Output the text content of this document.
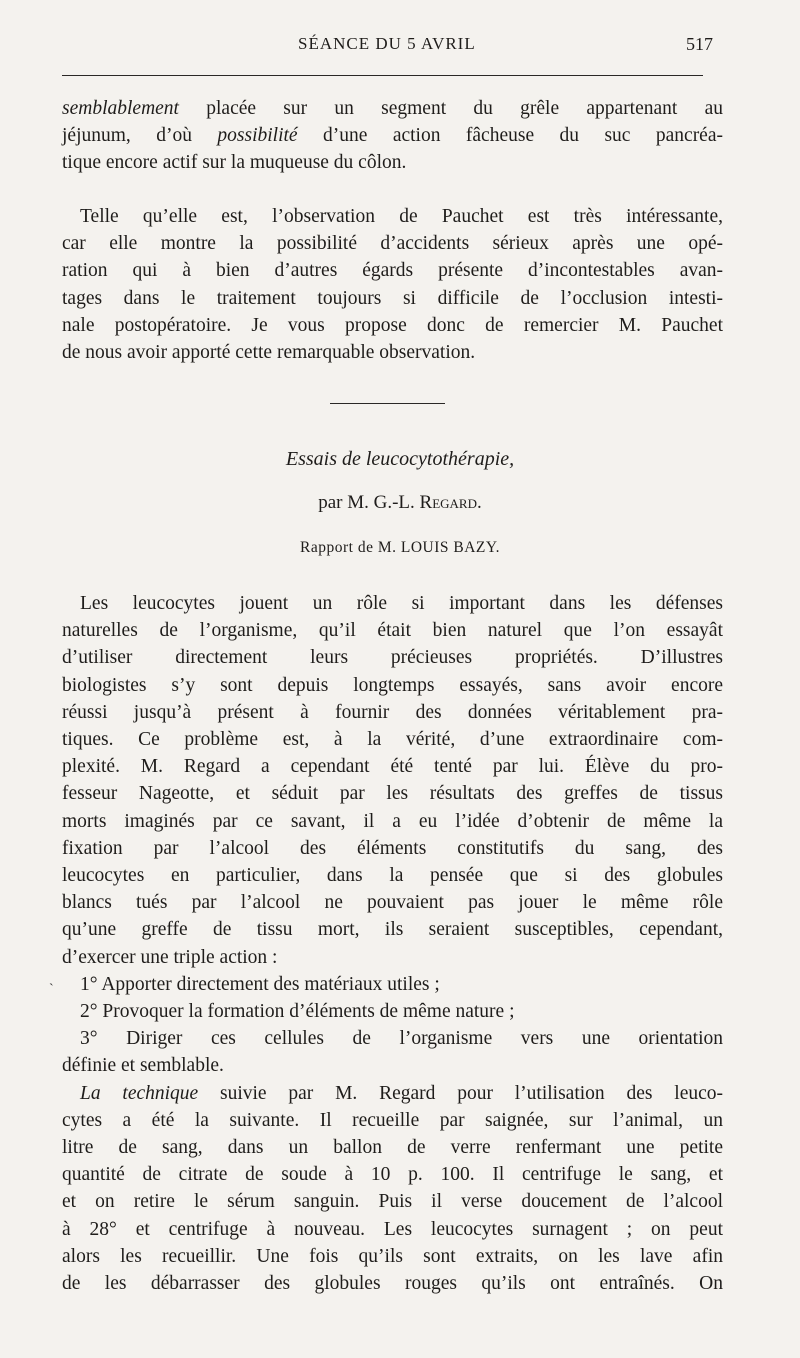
SÉANCE DU 5 AVRIL	517
semblablement placée sur un segment du grêle appartenant au
jéjunum, d’où possibilité d’une action fâcheuse du suc pancréa-
tique encore actif sur la muqueuse du côlon.
Telle qu’elle est, l’observation de Pauchet est très intéressante,
car elle montre la possibilité d’accidents sérieux après une opé-
ration qui à bien d’autres égards présente d’incontestables avan-
tages dans le traitement toujours si difficile de l’occlusion intesti-
nale postopératoire. Je vous propose donc de remercier M. Pauchet
de nous avoir apporté cette remarquable observation.
Essais de leucocytothérapie,
par M. G.-L. Regard.
Rapport de M. LOUIS BAZY.
Les leucocytes jouent un rôle si important dans les défenses
naturelles de l’organisme, qu’il était bien naturel que l’on essayât
d’utiliser directement leurs précieuses propriétés. D’illustres
biologistes s’y sont depuis longtemps essayés, sans avoir encore
réussi jusqu’à présent à fournir des données véritablement pra-
tiques. Ce problème est, à la vérité, d’une extraordinaire com-
plexité. M. Regard a cependant été tenté par lui. Élève du pro-
fesseur Nageotte, et séduit par les résultats des greffes de tissus
morts imaginés par ce savant, il a eu l’idée d’obtenir de même la
fixation par l’alcool des éléments constitutifs du sang, des
leucocytes en particulier, dans la pensée que si des globules
blancs tués par l’alcool ne pouvaient pas jouer le même rôle
qu’une greffe de tissu mort, ils seraient susceptibles, cependant,
d’exercer une triple action :
1° Apporter directement des matériaux utiles ;
2° Provoquer la formation d’éléments de même nature ;
3° Diriger ces cellules de l’organisme vers une orientation
définie et semblable.
La technique suivie par M. Regard pour l’utilisation des leuco-
cytes a été la suivante. Il recueille par saignée, sur l’animal, un
litre de sang, dans un ballon de verre renfermant une petite
quantité de citrate de soude à 10 p. 100. Il centrifuge le sang, et
et on retire le sérum sanguin. Puis il verse doucement de l’alcool
à 28° et centrifuge à nouveau. Les leucocytes surnagent ; on peut
alors les recueillir. Une fois qu’ils sont extraits, on les lave afin
de les débarrasser des globules rouges qu’ils ont entraînés. On
`
